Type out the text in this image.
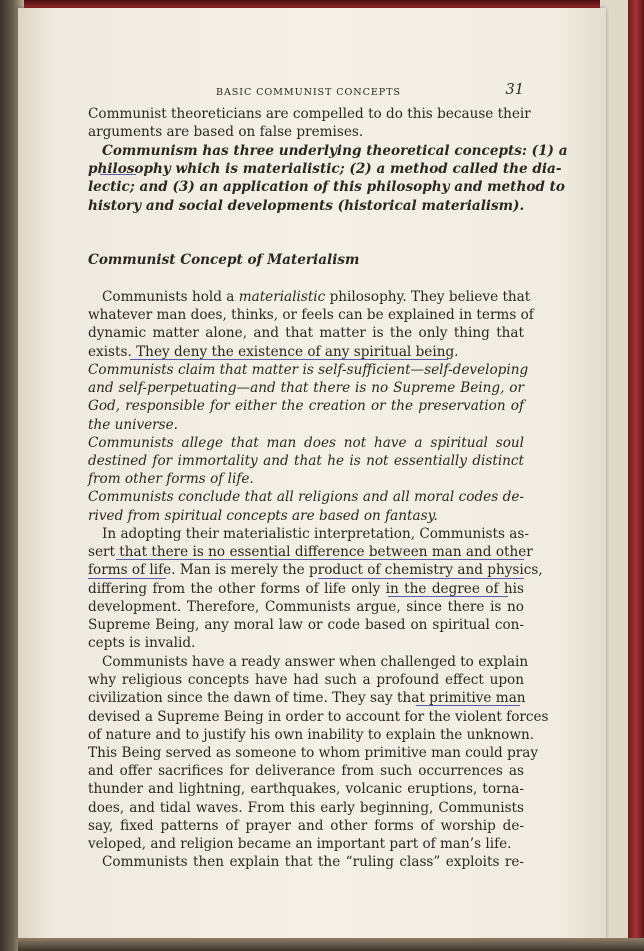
BASIC COMMUNIST CONCEPTS	31
Communist theoreticians are compelled to do this because their
arguments are based on false premises.
Communism has three underlying theoretical concepts: (1) a
philosophy which is materialistic; (2) a method called the dia-
lectic; and (3) an application of this philosophy and method to
history and social developments (historical materialism).
Communist Concept of Materialism
Communists hold a materialistic philosophy. They believe that
whatever man does, thinks, or feels can be explained in terms of
dynamic matter alone, and that matter is the only thing that
exists. They deny the existence of any spiritual being.
Communists claim that matter is self-sufficient—self-developing
and self-perpetuating—and that there is no Supreme Being, or
God, responsible for either the creation or the preservation of
the universe.
Communists allege that man does not have a spiritual soul
destined for immortality and that he is not essentially distinct
from other forms of life.
Communists conclude that all religions and all moral codes de-
rived from spiritual concepts are based on fantasy.
In adopting their materialistic interpretation, Communists as-
sert that there is no essential difference between man and other
forms of life. Man is merely the product of chemistry and physics,
differing from the other forms of life only in the degree of his
development. Therefore, Communists argue, since there is no
Supreme Being, any moral law or code based on spiritual con-
cepts is invalid.
Communists have a ready answer when challenged to explain
why religious concepts have had such a profound effect upon
civilization since the dawn of time. They say that primitive man
devised a Supreme Being in order to account for the violent forces
of nature and to justify his own inability to explain the unknown.
This Being served as someone to whom primitive man could pray
and offer sacrifices for deliverance from such occurrences as
thunder and lightning, earthquakes, volcanic eruptions, torna-
does, and tidal waves. From this early beginning, Communists
say, fixed patterns of prayer and other forms of worship de-
veloped, and religion became an important part of man’s life.
Communists then explain that the “ruling class” exploits re-
